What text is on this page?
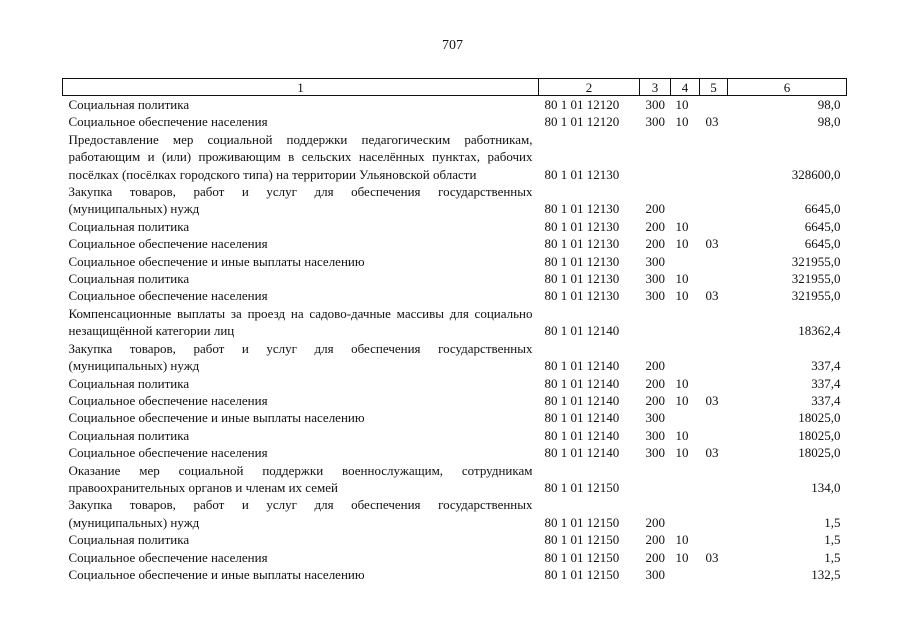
707
1	2	3	4	5	6
Социальная политика	80 1 01 12120	300	10		98,0
Социальное обеспечение населения	80 1 01 12120	300	10	03	98,0
Предоставление мер социальной поддержки педагогическим работникам, работающим и (или) проживающим в сельских населённых пунктах, рабочих посёлках (посёлках городского типа) на территории Ульяновской области	80 1 01 12130				328600,0
Закупка товаров, работ и услуг для обеспечения государственных (муниципальных) нужд	80 1 01 12130	200			6645,0
Социальная политика	80 1 01 12130	200	10		6645,0
Социальное обеспечение населения	80 1 01 12130	200	10	03	6645,0
Социальное обеспечение и иные выплаты населению	80 1 01 12130	300			321955,0
Социальная политика	80 1 01 12130	300	10		321955,0
Социальное обеспечение населения	80 1 01 12130	300	10	03	321955,0
Компенсационные выплаты за проезд на садово-дачные массивы для социально незащищённой категории лиц	80 1 01 12140				18362,4
Закупка товаров, работ и услуг для обеспечения государственных (муниципальных) нужд	80 1 01 12140	200			337,4
Социальная политика	80 1 01 12140	200	10		337,4
Социальное обеспечение населения	80 1 01 12140	200	10	03	337,4
Социальное обеспечение и иные выплаты населению	80 1 01 12140	300			18025,0
Социальная политика	80 1 01 12140	300	10		18025,0
Социальное обеспечение населения	80 1 01 12140	300	10	03	18025,0
Оказание мер социальной поддержки военнослужащим, сотрудникам правоохранительных органов и членам их семей	80 1 01 12150				134,0
Закупка товаров, работ и услуг для обеспечения государственных (муниципальных) нужд	80 1 01 12150	200			1,5
Социальная политика	80 1 01 12150	200	10		1,5
Социальное обеспечение населения	80 1 01 12150	200	10	03	1,5
Социальное обеспечение и иные выплаты населению	80 1 01 12150	300			132,5
